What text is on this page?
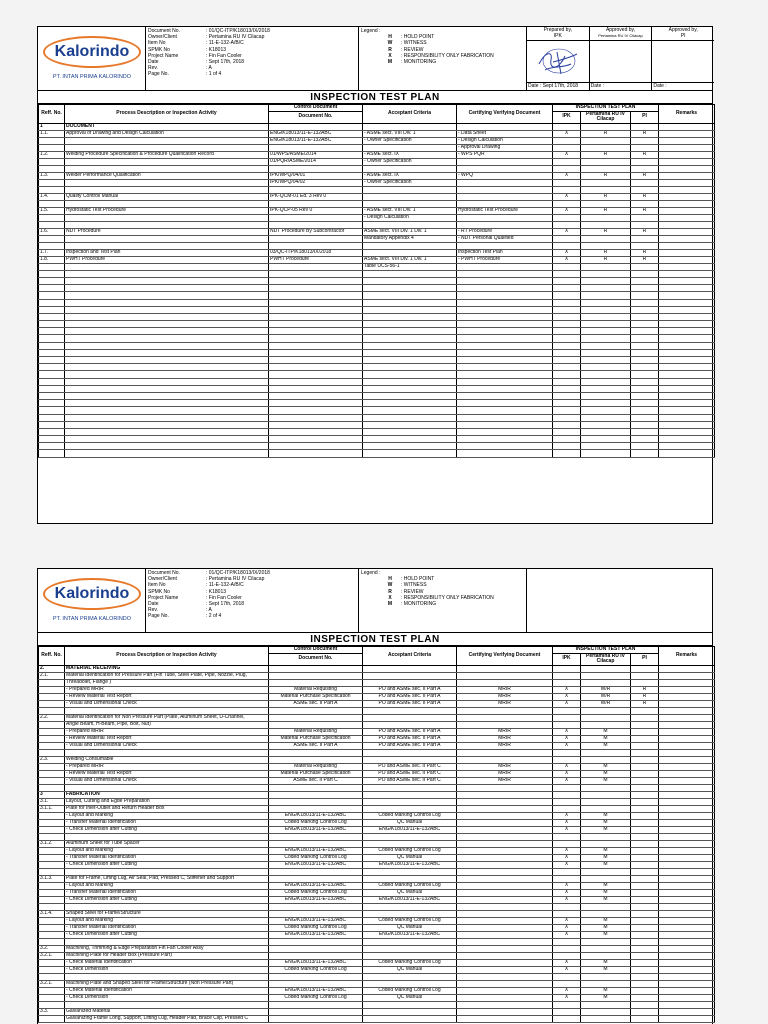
Kalorindo
PT. INTAN PRIMA KALORINDO
Document No.	: 01/QC-ITP/K18013/IX/2018
Owner/Client	: Pertamina RU IV Cilacap
Item No	: 11-E-132-A/B/C
SPMK No	: K18013
Project Name	: Fin Fan Cooler
Date	: Sept 17th, 2018
Rev.	: A
Page No.	: 1 of 4
Legend :
H	: HOLD POINT
W	: WITNESS
R	: REVIEW
X	: RESPONSIBILITY ONLY FABRICATION
M	: MONITORING
Prepared by,
IPK
Approved by,
Pertamina RU IV Cilacap
Approved by,
PI
Date : Sept 17th, 2018	Date :	Date :
INSPECTION TEST PLAN
Reff. No.	Process Description or Inspection Activity	Control Document	Acceptant Criteria	Certifying Verifying Document	INSPECTION TEST PLAN			Remarks
		Document No.			IPK	Pertamina RU IV Cilacap	PI	
1	DOCUMENT							
1.1.	Approval of Drawing and Design Calculation	ENG/K18013/11-E-132ABC	- ASME sect. VIII Div. 1	- Data Sheet	X	R	R	
		ENG/K18013/11-E-132ABC	- Owner Specification	- Design Calculation				
				- Approval Drawing				
1.2.	Welding Procedure Specification & Procedure Qualification Record	01/WPS/ASME/2014	- ASME sect. IX	- WPS PQR	X	R	R	
		01/PQR/ASME/2014	- Owner Specification					

1.3.	Welder Performance Qualification	IPK/WPQ/04/01	- ASME sect. IX	- WPQ	X	R	R	
		IPK/WPQ/04/02	- Owner Specification					

1.4.	Quality Controll Manual	IPK-QCM-01 Ed. 3 Rev 0			X	R	R	

1.5.	Hydrostatic Test Procedure	IPK-QCP-05 Rev 0	- ASME sect. VIII Div. 1	Hydrostatic Test Procedure	X	R	R	
			- Design Calculation					

1.6.	NDT Procedure	NDT Procedure By Subcontractor	ASME sect. VIII Div. 1 Div. 1	- RT Procedure	X	R	R	
			Mandatory Appendix 4	- NDT Personal Qualified				

1.7.	Inspection and Test Plan	03/QC-ITP/K18013/IX/2018		Inspection Test Plan	X	R	R	
1.8.	PWHT Procedure	PWHT Procedure	ASME sect. VIII Div. 1 Div. 1	- PWHT Procedure	X	R	R	
			Table UCS-56-1					

Kalorindo
PT. INTAN PRIMA KALORINDO
Document No.	: 01/QC-ITP/K18013/IX/2018
Owner/Client	: Pertamina RU IV Cilacap
Item No	: 11-E-132-A/B/C
SPMK No	: K18013
Project Name	: Fin Fan Cooler
Date	: Sept 17th, 2018
Rev.	: A
Page No.	: 2 of 4
Legend :
H	: HOLD POINT
W	: WITNESS
R	: REVIEW
X	: RESPONSIBILITY ONLY FABRICATION
M	: MONITORING
INSPECTION TEST PLAN
Reff. No.	Process Description or Inspection Activity	Control Document	Acceptant Criteria	Certifying Verifying Document	INSPECTION TEST PLAN			Remarks
		Document No.			IPK	Pertamina RU IV Cilacap	PI	
2.	MATERIAL RECEIVING							
2.1.	Material Identification for Pressure Part (Fin Tube, Steel Plate, Pipe, Nozzle, Plug,							
	Threadolet, Flange )							
	- Prepared MRIR	Material Requisting	PO and ASME sec. II Part A	MRIR	X	W/R	R	
	- Review Material Test Report	Material Purchase Specification	PO and ASME sec. II Part A	MRIR	X	W/R	R	
	- Visual and Dimensional Check	ASME sec. II Part A	PO and ASME sec. II Part A	MRIR	X	W/R	R	

2.2.	Material Identification for Non Pressure Part (Plate, Aluminum Sheet, U-Channel,							
	Angle Beam, H-Beam, Pipe, Bolt, Nut)							
	- Prepared MRIR	Material Requisting	PO and ASME sec. II Part A	MRIR	X	M		
	- Review Material Test Report	Material Purchase Specification	PO and ASME sec. II Part A	MRIR	X	M		
	- Visual and Dimensional Check	ASME sec. II Part A	PO and ASME sec. II Part A	MRIR	X	M		

2.3.	Welding Consumable							
	- Prepared MRIR	Material Requisting	PO and ASME sec. II Part C	MRIR	X	M		
	- Review Material Test Report	Material Purchase Specification	PO and ASME sec. II Part C	MRIR	X	M		
	- Visual and Dimensional Check	ASME sec. II Part C	PO and ASME sec. II Part C	MRIR	X	M		

3	FABRICATION							
3.1.	Layout, Cutting and Egde Preparation							
3.1.1.	Plate for Inlet-Outlet and Return Header Box							
	- Layout and Marking	ENG/K18013/11-E-132ABC	Coded Marking Controll Log		X	M		
	- Transfer Material Identification	Coded Marking Controll Log	QC Manual		X	M		
	- Check Dimension after Cutting	ENG/K18013/11-E-132ABC	ENG/K18013/11-E-132ABC		X	M		

3.1.2.	Aluminum Sheet for Tube Spacer							
	- Layout and Marking	ENG/K18013/11-E-132ABC	Coded Marking Controll Log		X	M		
	- Transfer Material Identification	Coded Marking Controll Log	QC Manual		X	M		
	- Check Dimension after Cutting	ENG/K18013/11-E-132ABC	ENG/K18013/11-E-132ABC		X	M		

3.1.3.	Plate for Frame, Lifting Lug, Air Seal, Pad, Pressed C, Stiffener and Support							
	- Layout and Marking	ENG/K18013/11-E-132ABC	Coded Marking Controll Log		X	M		
	- Transfer Material Identification	Coded Marking Controll Log	QC Manual		X	M		
	- Check Dimension after Cutting	ENG/K18013/11-E-132ABC	ENG/K18013/11-E-132ABC		X	M		

3.1.4.	Shaped Steel for Frame/Structure							
	- Layout and Marking	ENG/K18013/11-E-132ABC	Coded Marking Controll Log		X	M		
	- Transfer Material Identification	Coded Marking Controll Log	QC Manual		X	M		
	- Check Dimension after Cutting	ENG/K18013/11-E-132ABC	ENG/K18013/11-E-132ABC		X	M		

3.2.	Machining, Trimming & Edge Preparation Fin Fan Cooler Assy							
3.2.1.	Machining Plate for Header Box (Pressure Part)							
	- Check Material Identification	ENG/K18013/11-E-132ABC	Coded Marking Controll Log		X	M		
	- Check Dimension	Coded Marking Controll Log	QC Manual		X	M		

3.2.1.	Machining Plate and Shaped Steel for Frame/Structure (Non Pressure Part)							
	- Check Material Identification	ENG/K18013/11-E-132ABC	Coded Marking Controll Log		X	M		
	- Check Dimension	Coded Marking Controll Log	QC Manual		X	M		

3.3.	Galvanized Material							
	Galvanizing Frame Long, Support, Lifting Lug, Header Pad, Brace Clip, Pressed C							
